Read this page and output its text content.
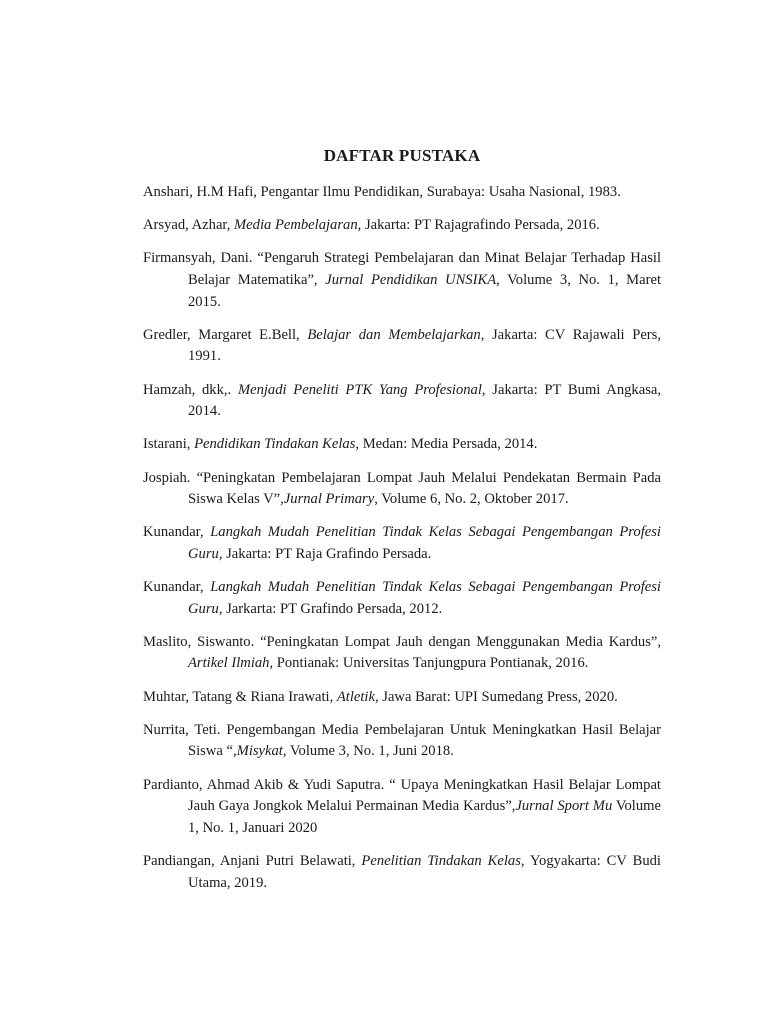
DAFTAR PUSTAKA

Anshari, H.M Hafi, Pengantar Ilmu Pendidikan, Surabaya: Usaha Nasional, 1983.

Arsyad, Azhar, Media Pembelajaran, Jakarta: PT Rajagrafindo Persada, 2016.

Firmansyah, Dani. “Pengaruh Strategi Pembelajaran dan Minat Belajar Terhadap Hasil Belajar Matematika”, Jurnal Pendidikan UNSIKA, Volume 3, No. 1, Maret 2015.

Gredler, Margaret E.Bell, Belajar dan Membelajarkan, Jakarta: CV Rajawali Pers, 1991.

Hamzah, dkk,. Menjadi Peneliti PTK Yang Profesional, Jakarta: PT Bumi Angkasa, 2014.

Istarani, Pendidikan Tindakan Kelas, Medan: Media Persada, 2014.

Jospiah. “Peningkatan Pembelajaran Lompat Jauh Melalui Pendekatan Bermain Pada Siswa Kelas V”,Jurnal Primary, Volume 6, No. 2, Oktober 2017.

Kunandar, Langkah Mudah Penelitian Tindak Kelas Sebagai Pengembangan Profesi Guru, Jakarta: PT Raja Grafindo Persada.

Kunandar, Langkah Mudah Penelitian Tindak Kelas Sebagai Pengembangan Profesi Guru, Jarkarta: PT Grafindo Persada, 2012.

Maslito, Siswanto. “Peningkatan Lompat Jauh dengan Menggunakan Media Kardus”, Artikel Ilmiah, Pontianak: Universitas Tanjungpura Pontianak, 2016.

Muhtar, Tatang & Riana Irawati, Atletik, Jawa Barat: UPI Sumedang Press, 2020.

Nurrita, Teti. Pengembangan Media Pembelajaran Untuk Meningkatkan Hasil Belajar Siswa “,Misykat, Volume 3, No. 1, Juni 2018.

Pardianto, Ahmad Akib & Yudi Saputra. “ Upaya Meningkatkan Hasil Belajar Lompat Jauh Gaya Jongkok Melalui Permainan Media Kardus”,Jurnal Sport Mu Volume 1, No. 1, Januari 2020

Pandiangan, Anjani Putri Belawati, Penelitian Tindakan Kelas, Yogyakarta: CV Budi Utama, 2019.
